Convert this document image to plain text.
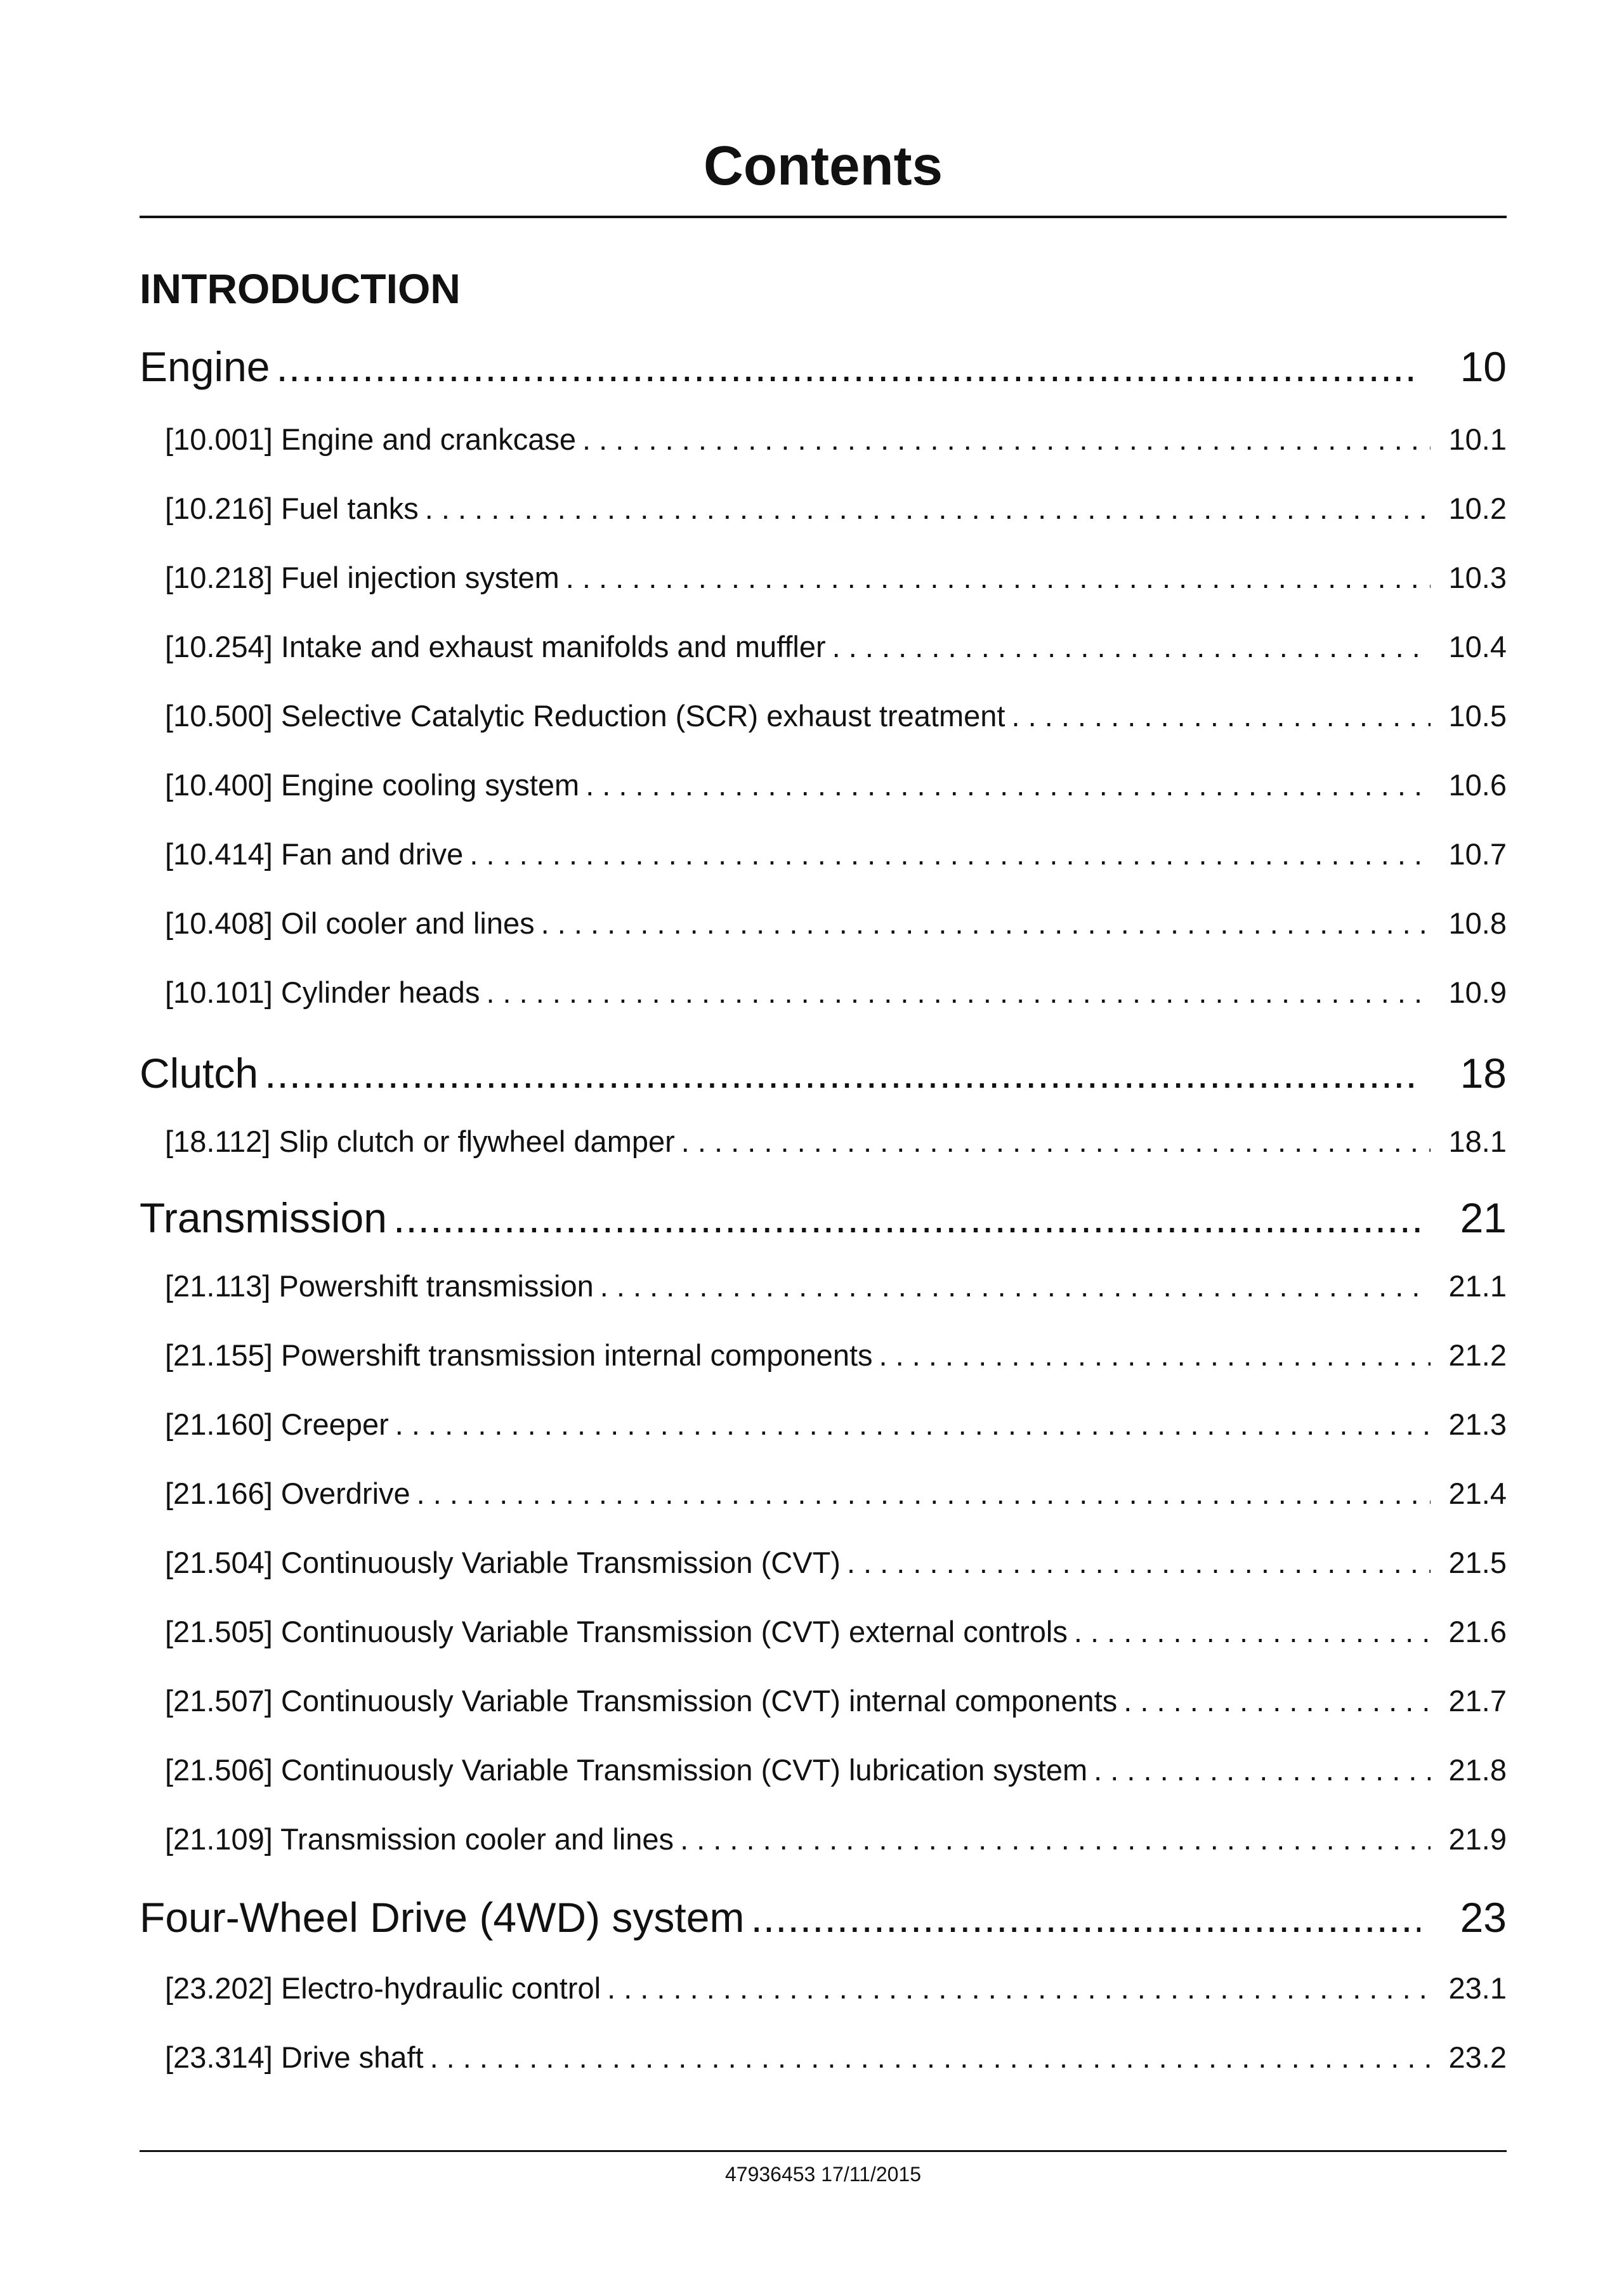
Contents
INTRODUCTION
Engine .....	10
[10.001] Engine and crankcase . . .	10.1
[10.216] Fuel tanks . . .	10.2
[10.218] Fuel injection system . . .	10.3
[10.254] Intake and exhaust manifolds and muffler . . .	10.4
[10.500] Selective Catalytic Reduction (SCR) exhaust treatment . . .	10.5
[10.400] Engine cooling system . . .	10.6
[10.414] Fan and drive . . .	10.7
[10.408] Oil cooler and lines . . .	10.8
[10.101] Cylinder heads . . .	10.9
Clutch .....	18
[18.112] Slip clutch or flywheel damper . . .	18.1
Transmission .....	21
[21.113] Powershift transmission . . .	21.1
[21.155] Powershift transmission internal components . . .	21.2
[21.160] Creeper . . .	21.3
[21.166] Overdrive . . .	21.4
[21.504] Continuously Variable Transmission (CVT) . . .	21.5
[21.505] Continuously Variable Transmission (CVT) external controls . . .	21.6
[21.507] Continuously Variable Transmission (CVT) internal components . . .	21.7
[21.506] Continuously Variable Transmission (CVT) lubrication system . . .	21.8
[21.109] Transmission cooler and lines . . .	21.9
Four-Wheel Drive (4WD) system .....	23
[23.202] Electro-hydraulic control . . .	23.1
[23.314] Drive shaft . . .	23.2

47936453 17/11/2015
